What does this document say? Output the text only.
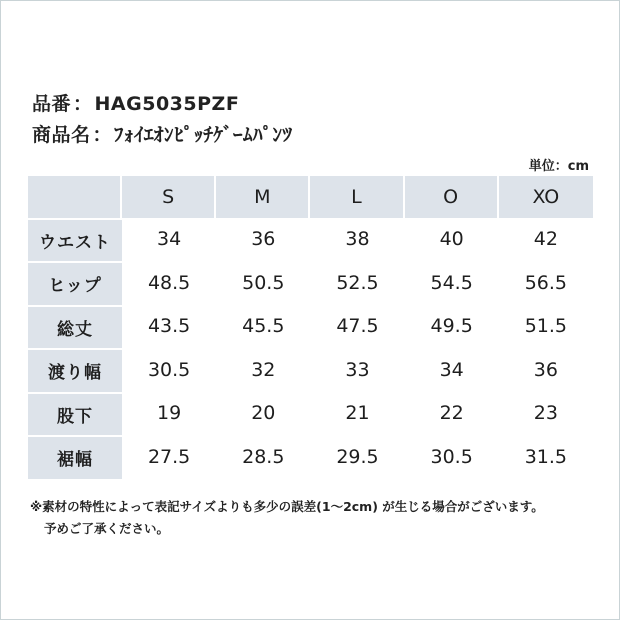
品番 ： HAG5035PZF
商品名 ： ﾌｫｲｴｵﾝﾋﾟｯﾁｹﾞｰﾑﾊﾟﾝﾂ
単位：cm
	S	M	L	O	XO
ウエスト	34	36	38	40	42
ヒップ	48.5	50.5	52.5	54.5	56.5
総丈	43.5	45.5	47.5	49.5	51.5
渡り幅	30.5	32	33	34	36
股下	19	20	21	22	23
裾幅	27.5	28.5	29.5	30.5	31.5
※素材の特性によって表記サイズよりも多少の誤差(1～2cm) が生じる場合がございます。
予めご了承ください。
